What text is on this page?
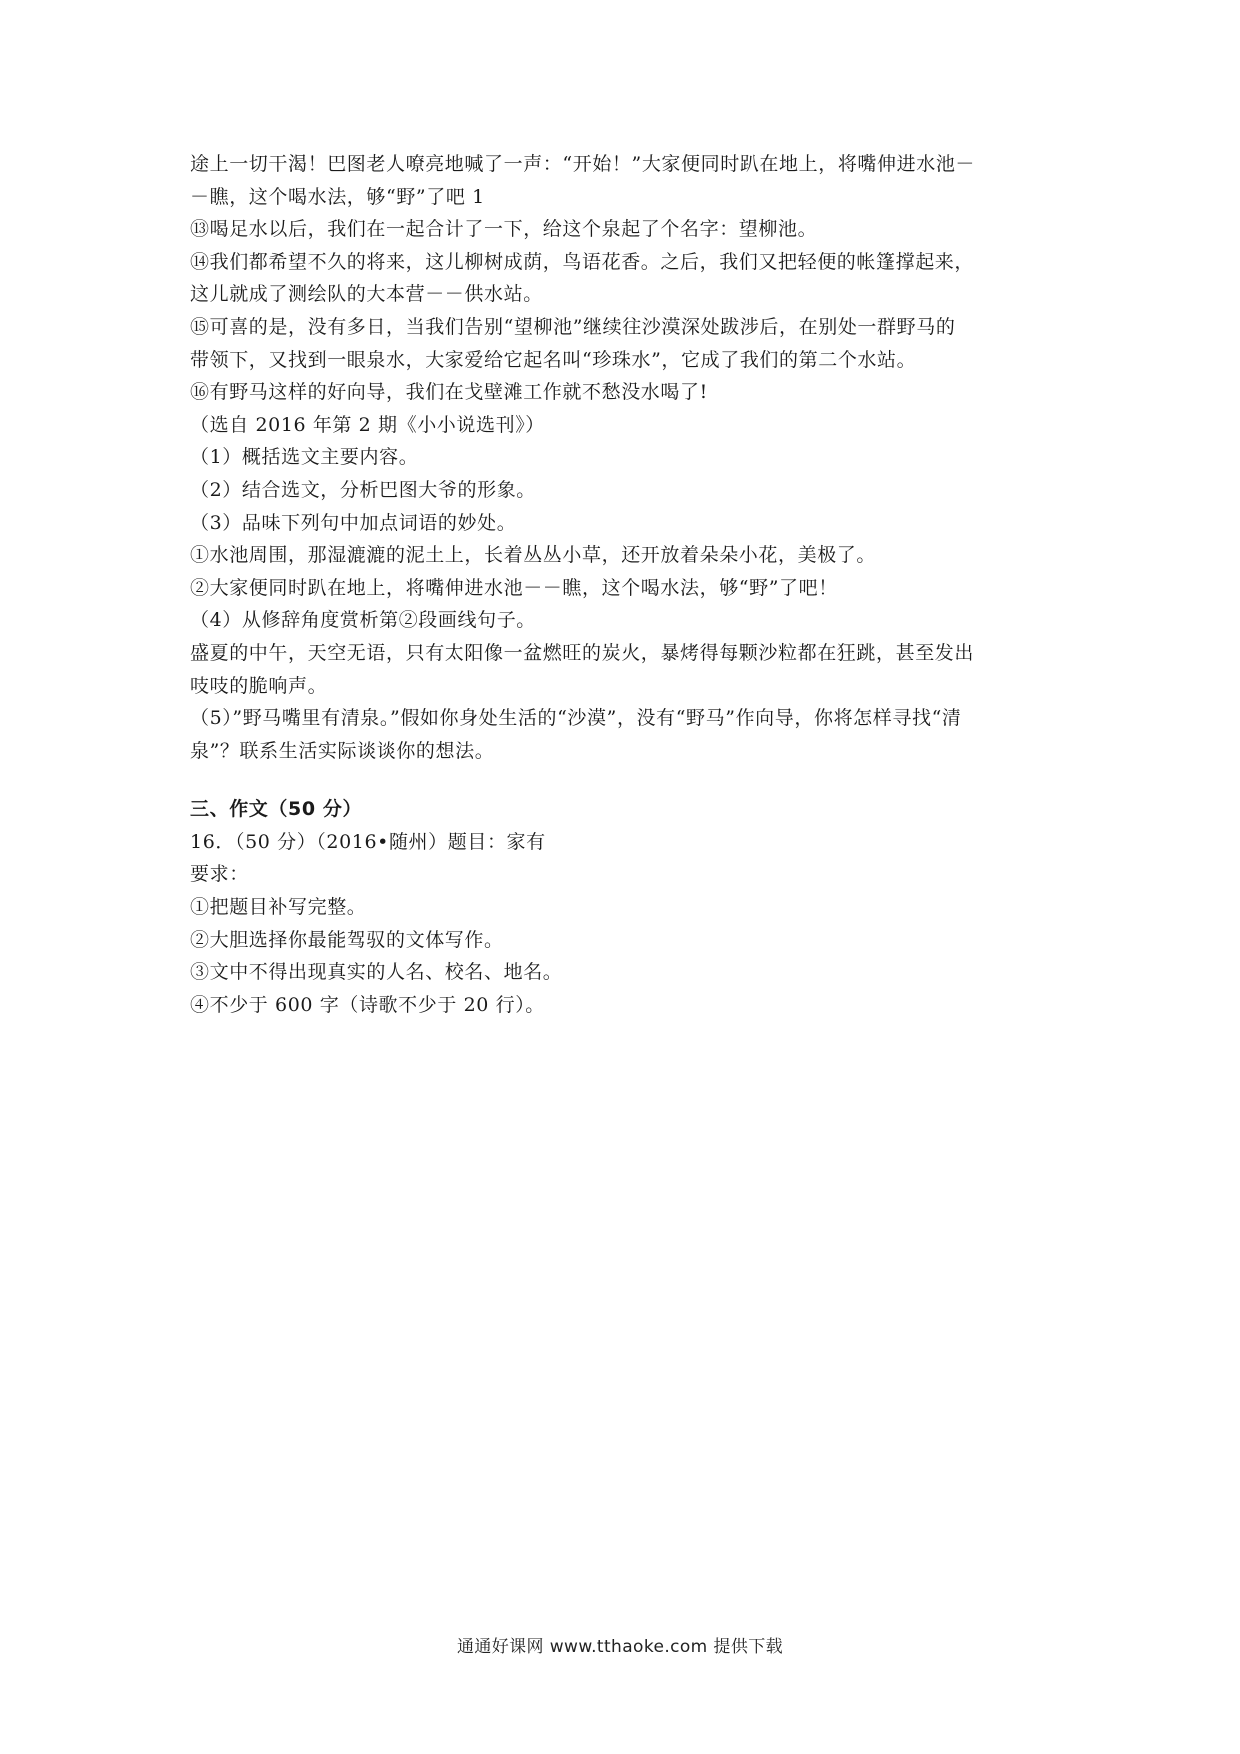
途上一切干渴！巴图老人嘹亮地喊了一声：“开始！”大家便同时趴在地上，将嘴伸进水池－
－瞧，这个喝水法，够“野”了吧 1
⑬喝足水以后，我们在一起合计了一下，给这个泉起了个名字：望柳池。
⑭我们都希望不久的将来，这儿柳树成荫，鸟语花香。之后，我们又把轻便的帐篷撑起来，
这儿就成了测绘队的大本营－－供水站。
⑮可喜的是，没有多日，当我们告别“望柳池”继续往沙漠深处跋涉后，在别处一群野马的
带领下，又找到一眼泉水，大家爱给它起名叫“珍珠水”，它成了我们的第二个水站。
⑯有野马这样的好向导，我们在戈壁滩工作就不愁没水喝了!
（选自 2016 年第 2 期《小小说选刊》）
（1）概括选文主要内容。
（2）结合选文，分析巴图大爷的形象。
（3）品味下列句中加点词语的妙处。
①水池周围，那湿漉漉的泥土上，长着丛丛小草，还开放着朵朵小花，美极了。
②大家便同时趴在地上，将嘴伸进水池－－瞧，这个喝水法，够“野”了吧！
（4）从修辞角度赏析第②段画线句子。
盛夏的中午，天空无语，只有太阳像一盆燃旺的炭火，暴烤得每颗沙粒都在狂跳，甚至发出
吱吱的脆响声。
（5）”野马嘴里有清泉。”假如你身处生活的“沙漠”，没有“野马”作向导，你将怎样寻找“清
泉”？联系生活实际谈谈你的想法。
三、作文（50 分）
16．（50 分）（2016•随州）题目：家有
要求：
①把题目补写完整。
②大胆选择你最能驾驭的文体写作。
③文中不得出现真实的人名、校名、地名。
④不少于 600 字（诗歌不少于 20 行）。
通通好课网 www.tthaoke.com 提供下载
